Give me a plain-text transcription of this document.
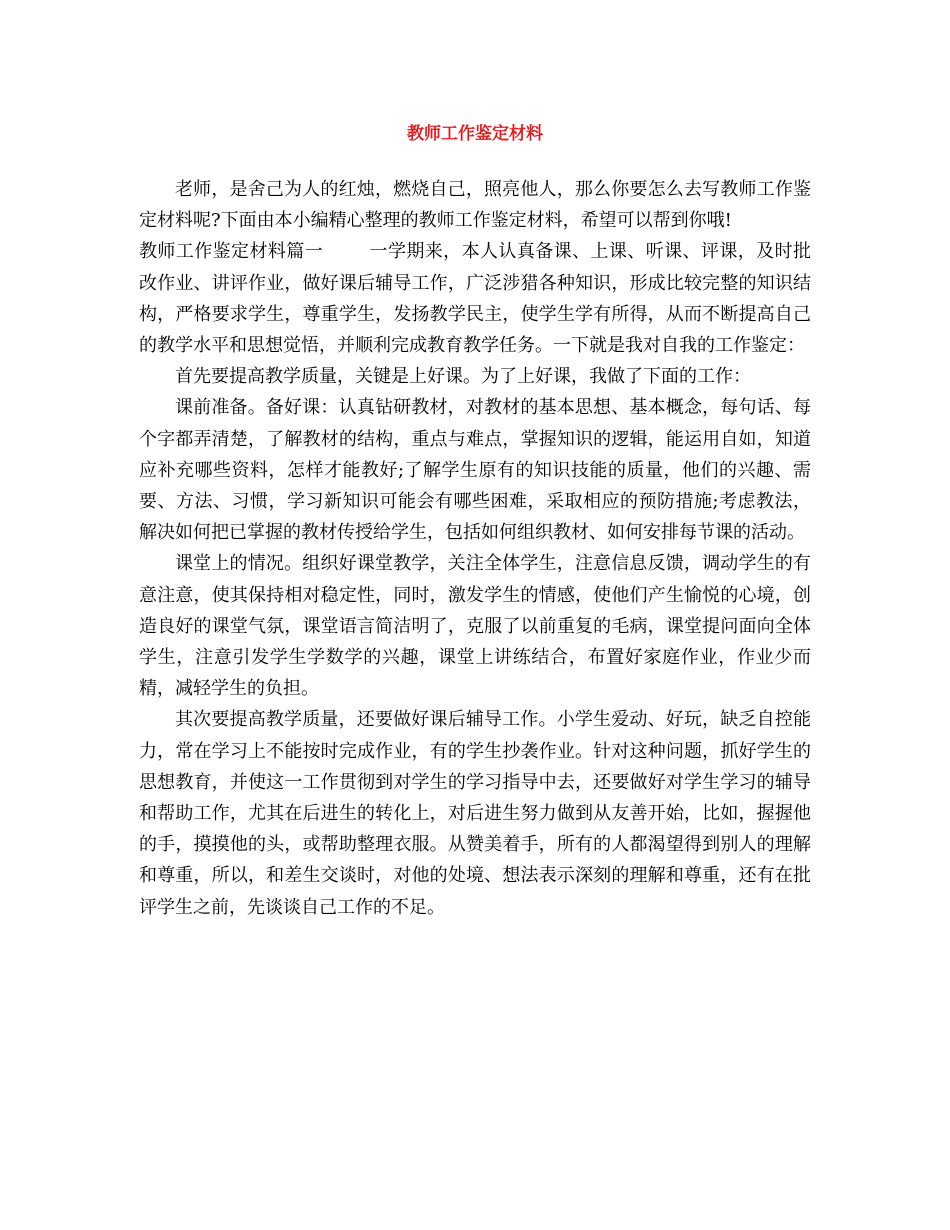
教师工作鉴定材料

老师，是舍己为人的红烛，燃烧自己，照亮他人，那么你要怎么去写教师工作鉴定材料呢?下面由本小编精心整理的教师工作鉴定材料，希望可以帮到你哦!

教师工作鉴定材料篇一	一学期来，本人认真备课、上课、听课、评课，及时批改作业、讲评作业，做好课后辅导工作，广泛涉猎各种知识，形成比较完整的知识结构，严格要求学生，尊重学生，发扬教学民主，使学生学有所得，从而不断提高自己的教学水平和思想觉悟，并顺利完成教育教学任务。一下就是我对自我的工作鉴定：

首先要提高教学质量，关键是上好课。为了上好课，我做了下面的工作：

课前准备。备好课：认真钻研教材，对教材的基本思想、基本概念，每句话、每个字都弄清楚，了解教材的结构，重点与难点，掌握知识的逻辑，能运用自如，知道应补充哪些资料，怎样才能教好;了解学生原有的知识技能的质量，他们的兴趣、需要、方法、习惯，学习新知识可能会有哪些困难，采取相应的预防措施;考虑教法，解决如何把已掌握的教材传授给学生，包括如何组织教材、如何安排每节课的活动。

课堂上的情况。组织好课堂教学，关注全体学生，注意信息反馈，调动学生的有意注意，使其保持相对稳定性，同时，激发学生的情感，使他们产生愉悦的心境，创造良好的课堂气氛，课堂语言简洁明了，克服了以前重复的毛病，课堂提问面向全体学生，注意引发学生学数学的兴趣，课堂上讲练结合，布置好家庭作业，作业少而精，减轻学生的负担。

其次要提高教学质量，还要做好课后辅导工作。小学生爱动、好玩，缺乏自控能力，常在学习上不能按时完成作业，有的学生抄袭作业。针对这种问题，抓好学生的思想教育，并使这一工作贯彻到对学生的学习指导中去，还要做好对学生学习的辅导和帮助工作，尤其在后进生的转化上，对后进生努力做到从友善开始，比如，握握他的手，摸摸他的头，或帮助整理衣服。从赞美着手，所有的人都渴望得到别人的理解和尊重，所以，和差生交谈时，对他的处境、想法表示深刻的理解和尊重，还有在批评学生之前，先谈谈自己工作的不足。
